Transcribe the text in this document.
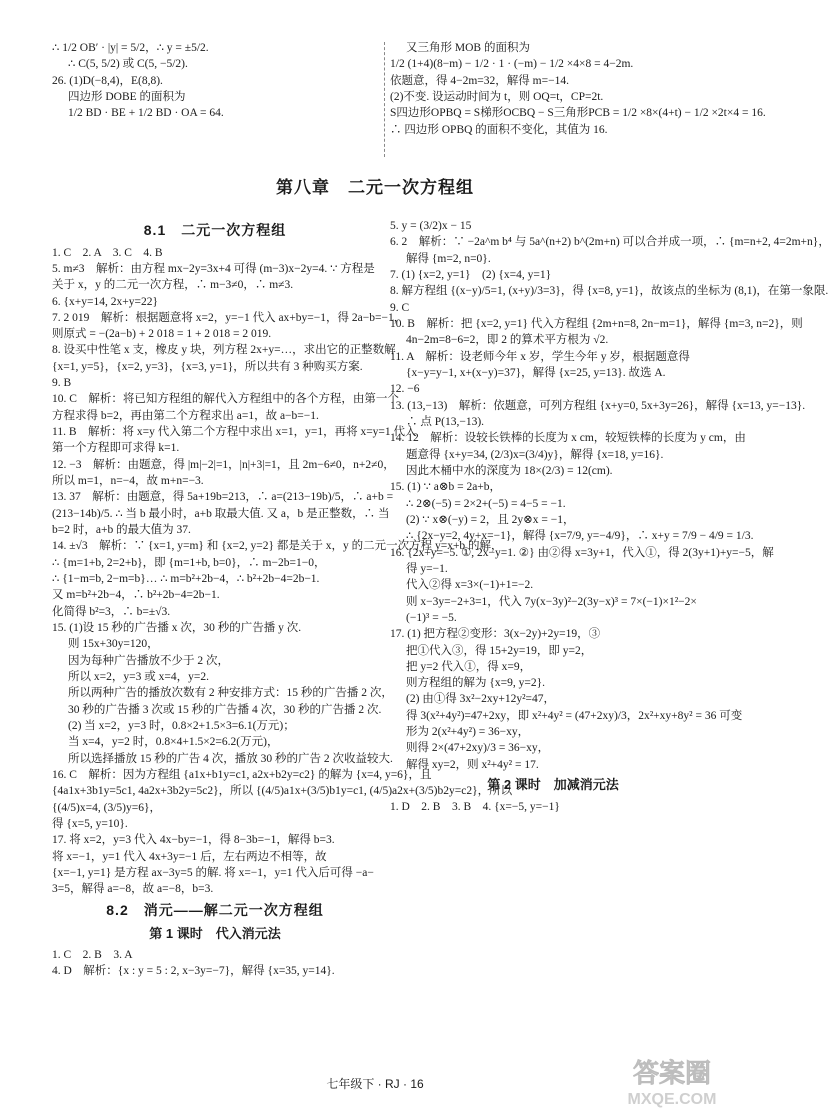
∴ 1/2 OB′ · |y| = 5/2，∴ y = ±5/2.
∴ C(5, 5/2) 或 C(5, −5/2).
26. (1)D(−8,4)，E(8,8).
四边形 DOBE 的面积为
1/2 BD · BE + 1/2 BD · OA = 64.
8.1　二元一次方程组
1. C　2. A　3. C　4. B
5. m≠3　解析：由方程 mx−2y=3x+4 可得 (m−3)x−2y=4. ∵ 方程是
关于 x，y 的二元一次方程，∴ m−3≠0，∴ m≠3.
6. {x+y=14, 2x+y=22}
7. 2 019　解析：根据题意将 x=2，y=−1 代入 ax+by=−1，得 2a−b=−1，
则原式 = −(2a−b) + 2 018 = 1 + 2 018 = 2 019.
8. 设买中性笔 x 支，橡皮 y 块，列方程 2x+y=…，求出它的正整数解
{x=1, y=5}，{x=2, y=3}，{x=3, y=1}，所以共有 3 种购买方案.
9. B
10. C　解析：将已知方程组的解代入方程组中的各个方程，由第一个
方程求得 b=2，再由第二个方程求出 a=1，故 a−b=−1.
11. B　解析：将 x=y 代入第二个方程中求出 x=1，y=1，再将 x=y=1 代入
第一个方程即可求得 k=1.
12. −3　解析：由题意，得 |m|−2|=1，|n|+3|=1，且 2m−6≠0，n+2≠0，
所以 m=1，n=−4，故 m+n=−3.
13. 37　解析：由题意，得 5a+19b=213，∴ a=(213−19b)/5，∴ a+b =
(213−14b)/5. ∴ 当 b 最小时，a+b 取最大值. 又 a，b 是正整数，∴ 当
b=2 时，a+b 的最大值为 37.
14. ±√3　解析：∵ {x=1, y=m} 和 {x=2, y=2} 都是关于 x，y 的二元一次方程 y=x+b 的解，
∴ {m=1+b, 2=2+b}，即 {m=1+b, b=0}，∴ m−2b=1−0，
∴ {1−m=b, 2−m=b}… ∴ m=b²+2b−4，∴ b²+2b−4=2b−1.
又 m=b²+2b−4，∴ b²+2b−4=2b−1.
化简得 b²=3，∴ b=±√3.
15. (1)设 15 秒的广告播 x 次，30 秒的广告播 y 次.
则 15x+30y=120，
因为每种广告播放不少于 2 次，
所以 x=2，y=3 或 x=4，y=2.
所以两种广告的播放次数有 2 种安排方式：15 秒的广告播 2 次，
30 秒的广告播 3 次或 15 秒的广告播 4 次，30 秒的广告播 2 次.
(2) 当 x=2，y=3 时，0.8×2+1.5×3=6.1(万元)；
当 x=4，y=2 时，0.8×4+1.5×2=6.2(万元)，
所以选择播放 15 秒的广告 4 次，播放 30 秒的广告 2 次收益较大.
16. C　解析：因为方程组 {a1x+b1y=c1, a2x+b2y=c2} 的解为 {x=4, y=6}，且
{4a1x+3b1y=5c1, 4a2x+3b2y=5c2}，所以 {(4/5)a1x+(3/5)b1y=c1, (4/5)a2x+(3/5)b2y=c2}，所以
{(4/5)x=4, (3/5)y=6}，
得 {x=5, y=10}.
17. 将 x=2，y=3 代入 4x−by=−1，得 8−3b=−1，解得 b=3.
将 x=−1，y=1 代入 4x+3y=−1 后，左右两边不相等，故
{x=−1, y=1} 是方程 ax−3y=5 的解. 将 x=−1，y=1 代入后可得 −a−
3=5，解得 a=−8，故 a=−8，b=3.
8.2　消元——解二元一次方程组
第 1 课时　代入消元法
1. C　2. B　3. A
4. D　解析：{x : y = 5 : 2, x−3y=−7}，解得 {x=35, y=14}.
又三角形 MOB 的面积为
1/2 (1+4)(8−m) − 1/2 · 1 · (−m) − 1/2 ×4×8 = 4−2m.
依题意，得 4−2m=32，解得 m=−14.
(2)不变. 设运动时间为 t，则 OQ=t，CP=2t.
S四边形OPBQ = S梯形OCBQ − S三角形PCB = 1/2 ×8×(4+t) − 1/2 ×2t×4 = 16.
∴ 四边形 OPBQ 的面积不变化，其值为 16.
5. y = (3/2)x − 15
6. 2　解析：∵ −2a^m b⁴ 与 5a^(n+2) b^(2m+n) 可以合并成一项，∴ {m=n+2, 4=2m+n}，
解得 {m=2, n=0}.
7. (1) {x=2, y=1}　(2) {x=4, y=1}
8. 解方程组 {(x−y)/5=1, (x+y)/3=3}，得 {x=8, y=1}，故该点的坐标为 (8,1)，在第一象限.
9. C
10. B　解析：把 {x=2, y=1} 代入方程组 {2m+n=8, 2n−m=1}，解得 {m=3, n=2}，则
4n−2m=8−6=2，即 2 的算术平方根为 √2.
11. A　解析：设老师今年 x 岁，学生今年 y 岁，根据题意得
{x−y=y−1, x+(x−y)=37}，解得 {x=25, y=13}. 故选 A.
12. −6
13. (13,−13)　解析：依题意，可列方程组 {x+y=0, 5x+3y=26}，解得 {x=13, y=−13}.
∴ 点 P(13,−13).
14. 12　解析：设较长铁棒的长度为 x cm，较短铁棒的长度为 y cm，由
题意得 {x+y=34, (2/3)x=(3/4)y}，解得 {x=18, y=16}.
因此木桶中水的深度为 18×(2/3) = 12(cm).
15. (1) ∵ a⊗b = 2a+b，
∴ 2⊗(−5) = 2×2+(−5) = 4−5 = −1.
(2) ∵ x⊗(−y) = 2，且 2y⊗x = −1，
∴ {2x−y=2, 4y+x=−1}，解得 {x=7/9, y=−4/9}，∴ x+y = 7/9 − 4/9 = 1/3.
16. {2x+y=−5. ①, 2x−y=1. ②} 由②得 x=3y+1，代入①，得 2(3y+1)+y=−5，解
得 y=−1.
代入②得 x=3×(−1)+1=−2.
则 x−3y=−2+3=1，代入 7y(x−3y)²−2(3y−x)³ = 7×(−1)×1²−2×
(−1)³ = −5.
17. (1) 把方程②变形：3(x−2y)+2y=19，③
把①代入③，得 15+2y=19，即 y=2，
把 y=2 代入①，得 x=9，
则方程组的解为 {x=9, y=2}.
(2) 由①得 3x²−2xy+12y²=47，
得 3(x²+4y²)=47+2xy，即 x²+4y² = (47+2xy)/3，2x²+xy+8y² = 36 可变
形为 2(x²+4y²) = 36−xy，
则得 2×(47+2xy)/3 = 36−xy，
解得 xy=2，则 x²+4y² = 17.
第 2 课时　加减消元法
1. D　2. B　3. B　4. {x=−5, y=−1}
第八章　二元一次方程组
七年级下 · RJ · 16	答案圈
MXQE.COM
